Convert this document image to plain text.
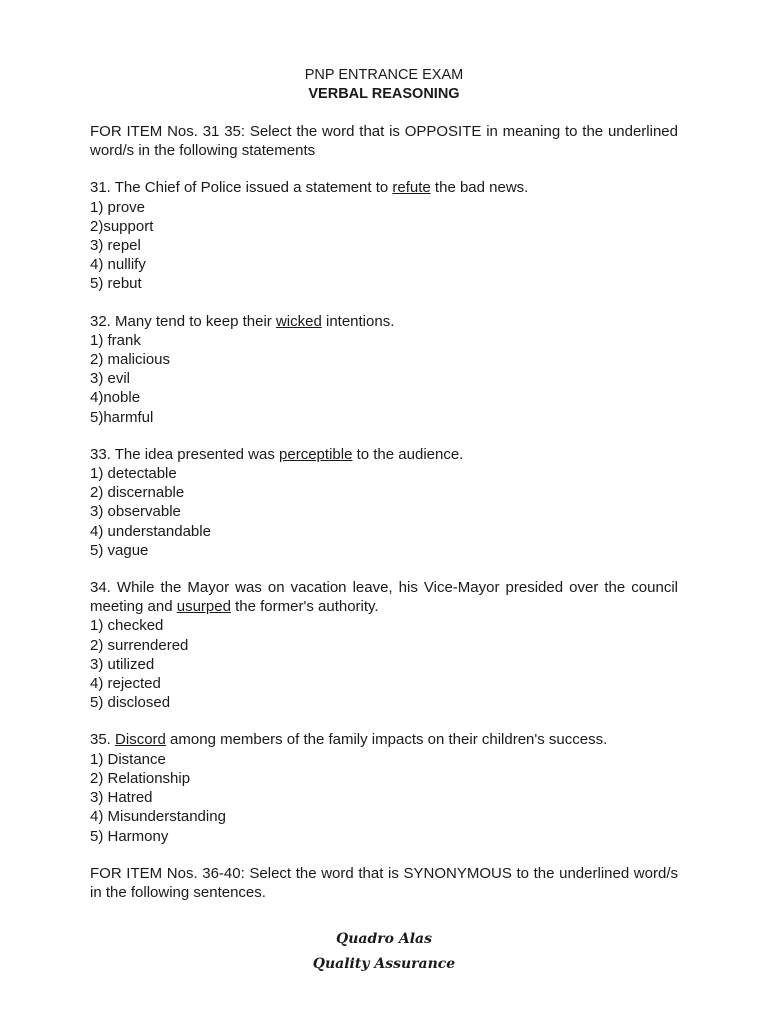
PNP ENTRANCE EXAM
VERBAL REASONING

FOR ITEM Nos. 31 35: Select the word that is OPPOSITE in meaning to the underlined word/s in the following statements

31. The Chief of Police issued a statement to refute the bad news.

1) prove
2)support
3) repel
4) nullify
5) rebut

32. Many tend to keep their wicked intentions.

1) frank
2) malicious
3) evil
4)noble
5)harmful

33. The idea presented was perceptible to the audience.

1) detectable
2) discernable
3) observable
4) understandable
5) vague

34. While the Mayor was on vacation leave, his Vice-Mayor presided over the council meeting and usurped the former's authority.

1) checked
2) surrendered
3) utilized
4) rejected
5) disclosed

35. Discord among members of the family impacts on their children's success.

1) Distance
2) Relationship
3) Hatred
4) Misunderstanding
5) Harmony

FOR ITEM Nos. 36-40: Select the word that is SYNONYMOUS to the underlined word/s in the following sentences.

Quadro Alas
Quality Assurance
